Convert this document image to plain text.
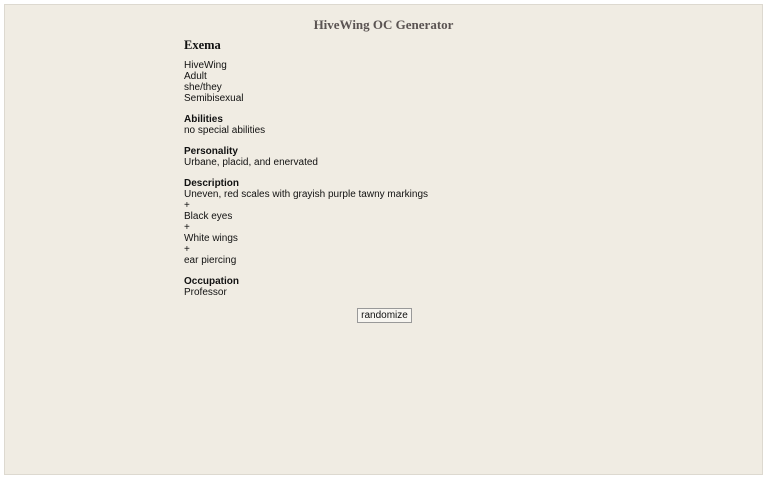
HiveWing OC Generator
Exema
HiveWing
Adult
she/they
Semibisexual
Abilities
no special abilities
Personality
Urbane, placid, and enervated
Description
Uneven, red scales with grayish purple tawny markings
+
Black eyes
+
White wings
+
ear piercing
Occupation
Professor
randomize
